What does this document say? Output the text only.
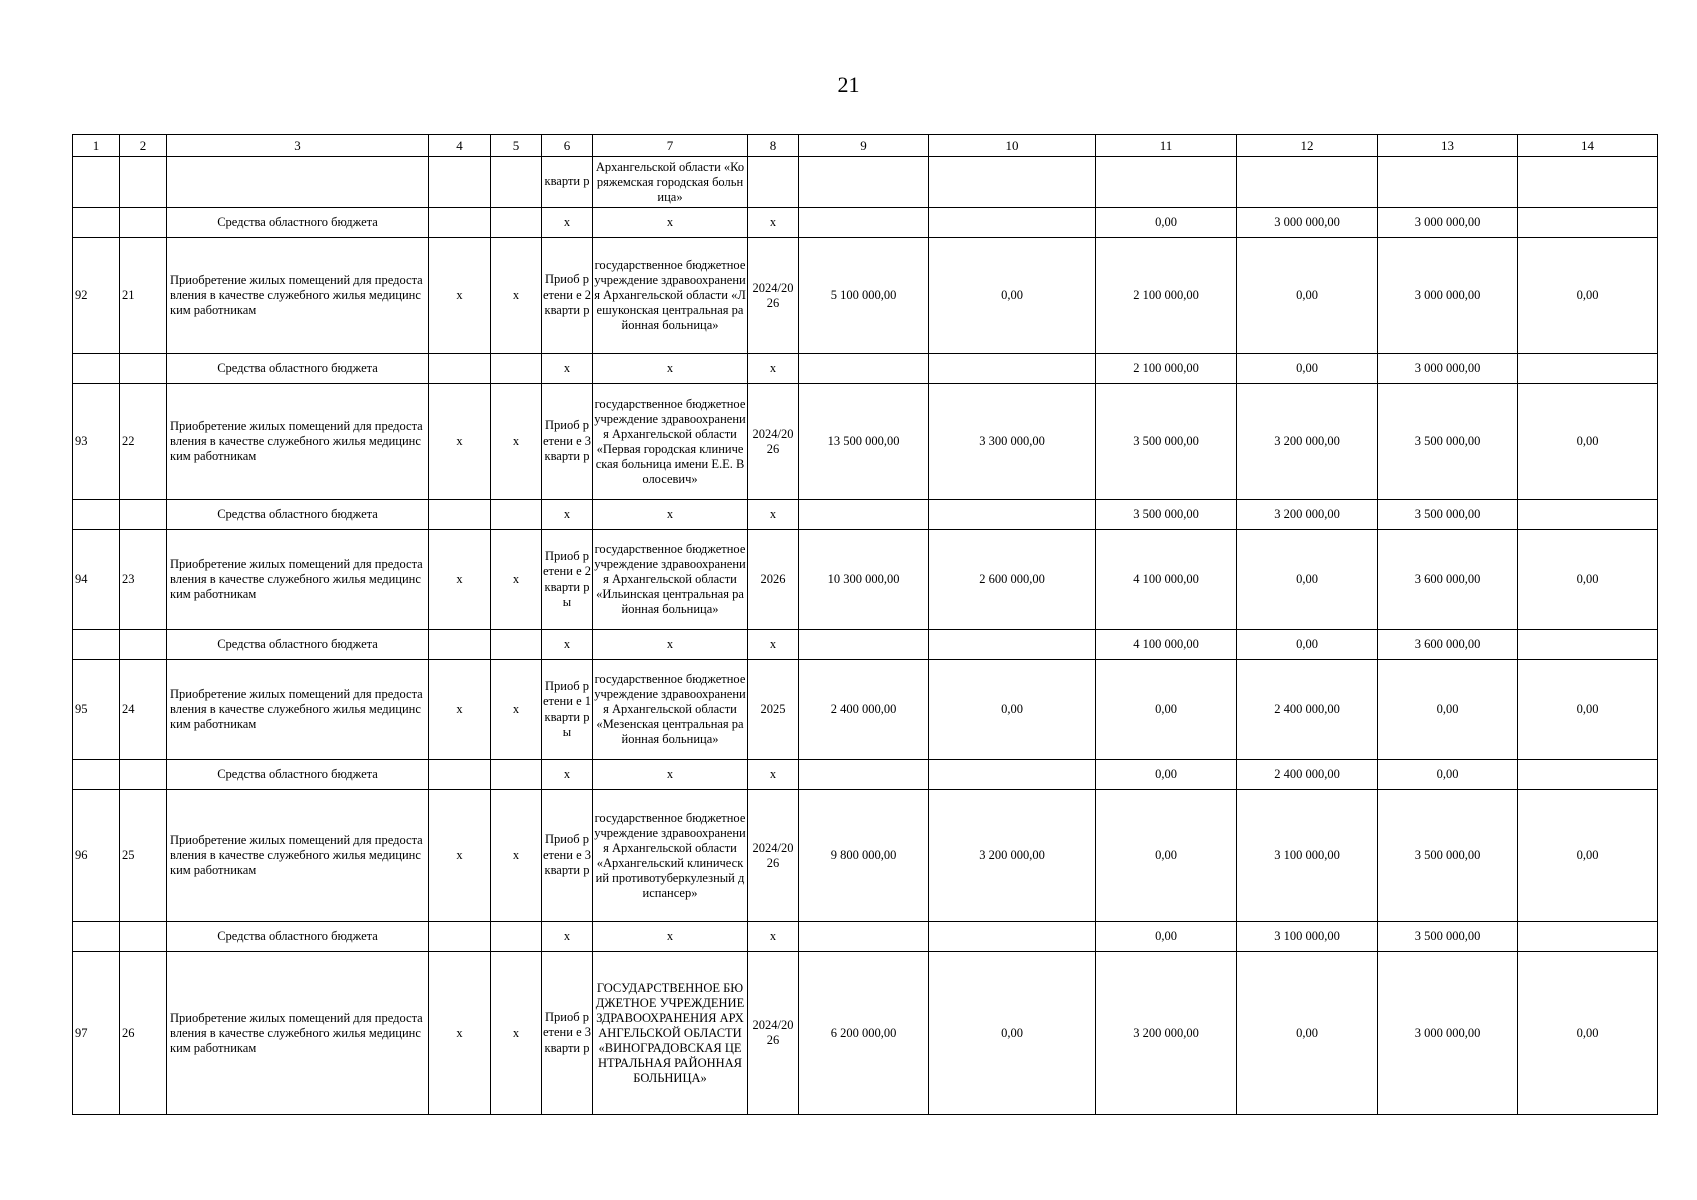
21
1	2	3	4	5	6	7	8	9	10	11	12	13	14
					кварти р	Архангельской области «Коряжемская городская больница»							
		Средства областного бюджета			х	х	х			0,00	3 000 000,00	3 000 000,00	
92	21	Приобретение жилых помещений для предоставления в качестве служебного жилья медицинским работникам	х	х	Приоб ретени е 2 кварти р	государственное бюджетное учреждение здравоохранения Архангельской области «Лешуконская центральная районная больница»	2024/20 26	5 100 000,00	0,00	2 100 000,00	0,00	3 000 000,00	0,00
		Средства областного бюджета			х	х	х			2 100 000,00	0,00	3 000 000,00	
93	22	Приобретение жилых помещений для предоставления в качестве служебного жилья медицинским работникам	х	х	Приоб ретени е 3 кварти р	государственное бюджетное учреждение здравоохранения Архангельской области «Первая городская клиническая больница имени Е.Е. Волосевич»	2024/20 26	13 500 000,00	3 300 000,00	3 500 000,00	3 200 000,00	3 500 000,00	0,00
		Средства областного бюджета			х	х	х			3 500 000,00	3 200 000,00	3 500 000,00	
94	23	Приобретение жилых помещений для предоставления в качестве служебного жилья медицинским работникам	х	х	Приоб ретени е 2 кварти ры	государственное бюджетное учреждение здравоохранения Архангельской области «Ильинская центральная районная больница»	2026	10 300 000,00	2 600 000,00	4 100 000,00	0,00	3 600 000,00	0,00
		Средства областного бюджета			х	х	х			4 100 000,00	0,00	3 600 000,00	
95	24	Приобретение жилых помещений для предоставления в качестве служебного жилья медицинским работникам	х	х	Приоб ретени е 1 кварти ры	государственное бюджетное учреждение здравоохранения Архангельской области «Мезенская центральная районная больница»	2025	2 400 000,00	0,00	0,00	2 400 000,00	0,00	0,00
		Средства областного бюджета			х	х	х			0,00	2 400 000,00	0,00	
96	25	Приобретение жилых помещений для предоставления в качестве служебного жилья медицинским работникам	х	х	Приоб ретени е 3 кварти р	государственное бюджетное учреждение здравоохранения Архангельской области «Архангельский клинический противотуберкулезный диспансер»	2024/20 26	9 800 000,00	3 200 000,00	0,00	3 100 000,00	3 500 000,00	0,00
		Средства областного бюджета			х	х	х			0,00	3 100 000,00	3 500 000,00	
97	26	Приобретение жилых помещений для предоставления в качестве служебного жилья медицинским работникам	х	х	Приоб ретени е 3 кварти р	ГОСУДАРСТВЕННОЕ БЮДЖЕТНОЕ УЧРЕЖДЕНИЕ ЗДРАВООХРАНЕНИЯ АРХАНГЕЛЬСКОЙ ОБЛАСТИ «ВИНОГРАДОВСКАЯ ЦЕНТРАЛЬНАЯ РАЙОННАЯ БОЛЬНИЦА»	2024/20 26	6 200 000,00	0,00	3 200 000,00	0,00	3 000 000,00	0,00
